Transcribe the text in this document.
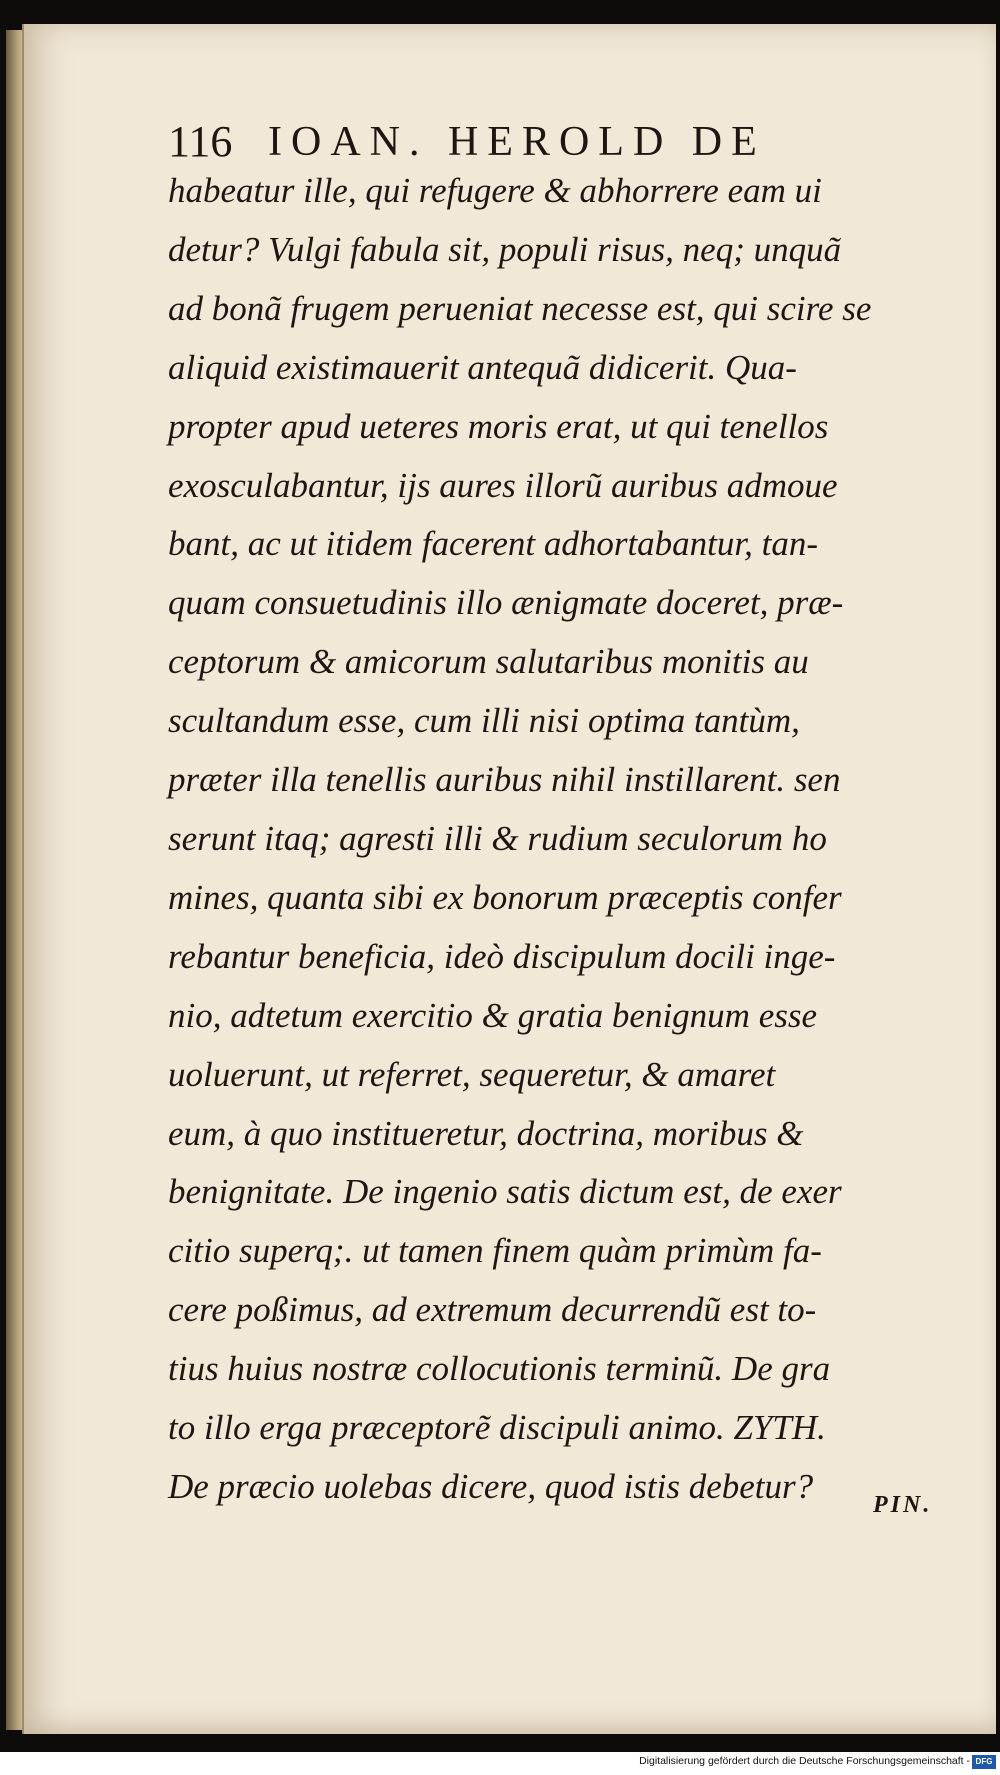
116 IOAN. HEROLD DE
habeatur ille, qui refugere & abhorrere eam ui
detur? Vulgi fabula sit, populi risus, neq; unquã
ad bonã frugem perueniat necesse est, qui scire se
aliquid existimauerit antequã didicerit. Qua-
propter apud ueteres moris erat, ut qui tenellos
exosculabantur, ijs aures illorũ auribus admoue
bant, ac ut itidem facerent adhortabantur, tan-
quam consuetudinis illo ænigmate doceret, præ-
ceptorum & amicorum salutaribus monitis au
scultandum esse, cum illi nisi optima tantùm,
præter illa tenellis auribus nihil instillarent. sen
serunt itaq; agresti illi & rudium seculorum ho
mines, quanta sibi ex bonorum præceptis confer
rebantur beneficia, ideò discipulum docili inge-
nio, adtetum exercitio & gratia benignum esse
uoluerunt, ut referret, sequeretur, & amaret
eum, à quo institueretur, doctrina, moribus &
benignitate. De ingenio satis dictum est, de exer
citio superq;. ut tamen finem quàm primùm fa-
cere poßimus, ad extremum decurrendũ est to-
tius huius nostræ collocutionis terminũ. De gra
to illo erga præceptorẽ discipuli animo. ZYTH.
De præcio uolebas dicere, quod istis debetur?	PIN.
Digitalisierung gefördert durch die Deutsche Forschungsgemeinschaft - DFG
